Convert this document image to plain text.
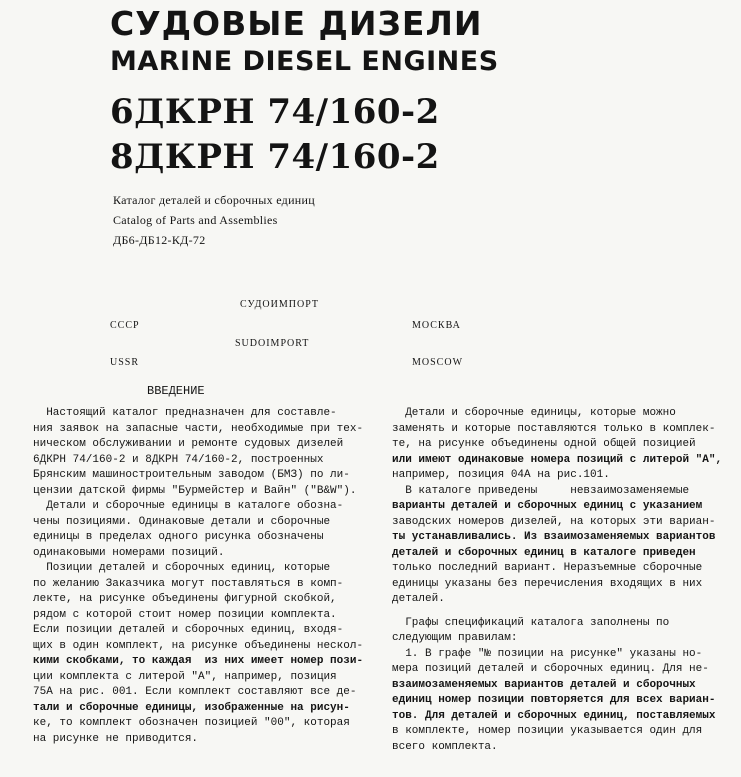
СУДОВЫЕ ДИЗЕЛИ
MARINE DIESEL ENGINES
6ДКРН 74/160-2
8ДКРН 74/160-2
Каталог деталей и сборочных единиц
Catalog of Parts and Assemblies
ДБ6-ДБ12-КД-72
СУДОИМПОРТ
SUDOIMPORT
СССР
USSR
МОСКВА
MOSCOW
ВВЕДЕНИЕ

Настоящий каталог предназначен для составле-

ния заявок на запасные части, необходимые при тех-

ническом обслуживании и ремонте судовых дизелей

6ДКРН 74/160-2 и 8ДКРН 74/160-2, построенных

Брянским машиностроительным заводом (БМЗ) по ли-

цензии датской фирмы "Бурмейстер и Вайн" ("B&W").

Детали и сборочные единицы в каталоге обозна-

чены позициями. Одинаковые детали и сборочные

единицы в пределах одного рисунка обозначены

одинаковыми номерами позиций.

Позиции деталей и сборочных единиц, которые

по желанию Заказчика могут поставляться в комп-

лекте, на рисунке объединены фигурной скобкой,

рядом с которой стоит номер позиции комплекта.

Если позиции деталей и сборочных единиц, входя-

щих в один комплект, на рисунке объединены нескол-

кими скобками, то каждая  из них имеет номер пози-

ции комплекта с литерой "А", например, позиция

75А на рис. 001. Если комплект составляют все де-

тали и сборочные единицы, изображенные на рисун-

ке, то комплект обозначен позицией "00", которая

на рисунке не приводится.

Детали и сборочные единицы, которые можно

заменять и которые поставляются только в комплек-

те, на рисунке объединены одной общей позицией

или имеют одинаковые номера позиций с литерой "А",

например, позиция 04А на рис.101.

В каталоге приведены     невзаимозаменяемые

варианты деталей и сборочных единиц с указанием

заводских номеров дизелей, на которых эти вариан-

ты устанавливались. Из взаимозаменяемых вариантов

деталей и сборочных единиц в каталоге приведен

только последний вариант. Неразъемные сборочные

единицы указаны без перечисления входящих в них

деталей.

Графы спецификаций каталога заполнены по

следующим правилам:

1. В графе "№ позиции на рисунке" указаны но-

мера позиций деталей и сборочных единиц. Для не-

взаимозаменяемых вариантов деталей и сборочных

единиц номер позиции повторяется для всех вариан-

тов. Для деталей и сборочных единиц, поставляемых

в комплекте, номер позиции указывается один для

всего комплекта.
